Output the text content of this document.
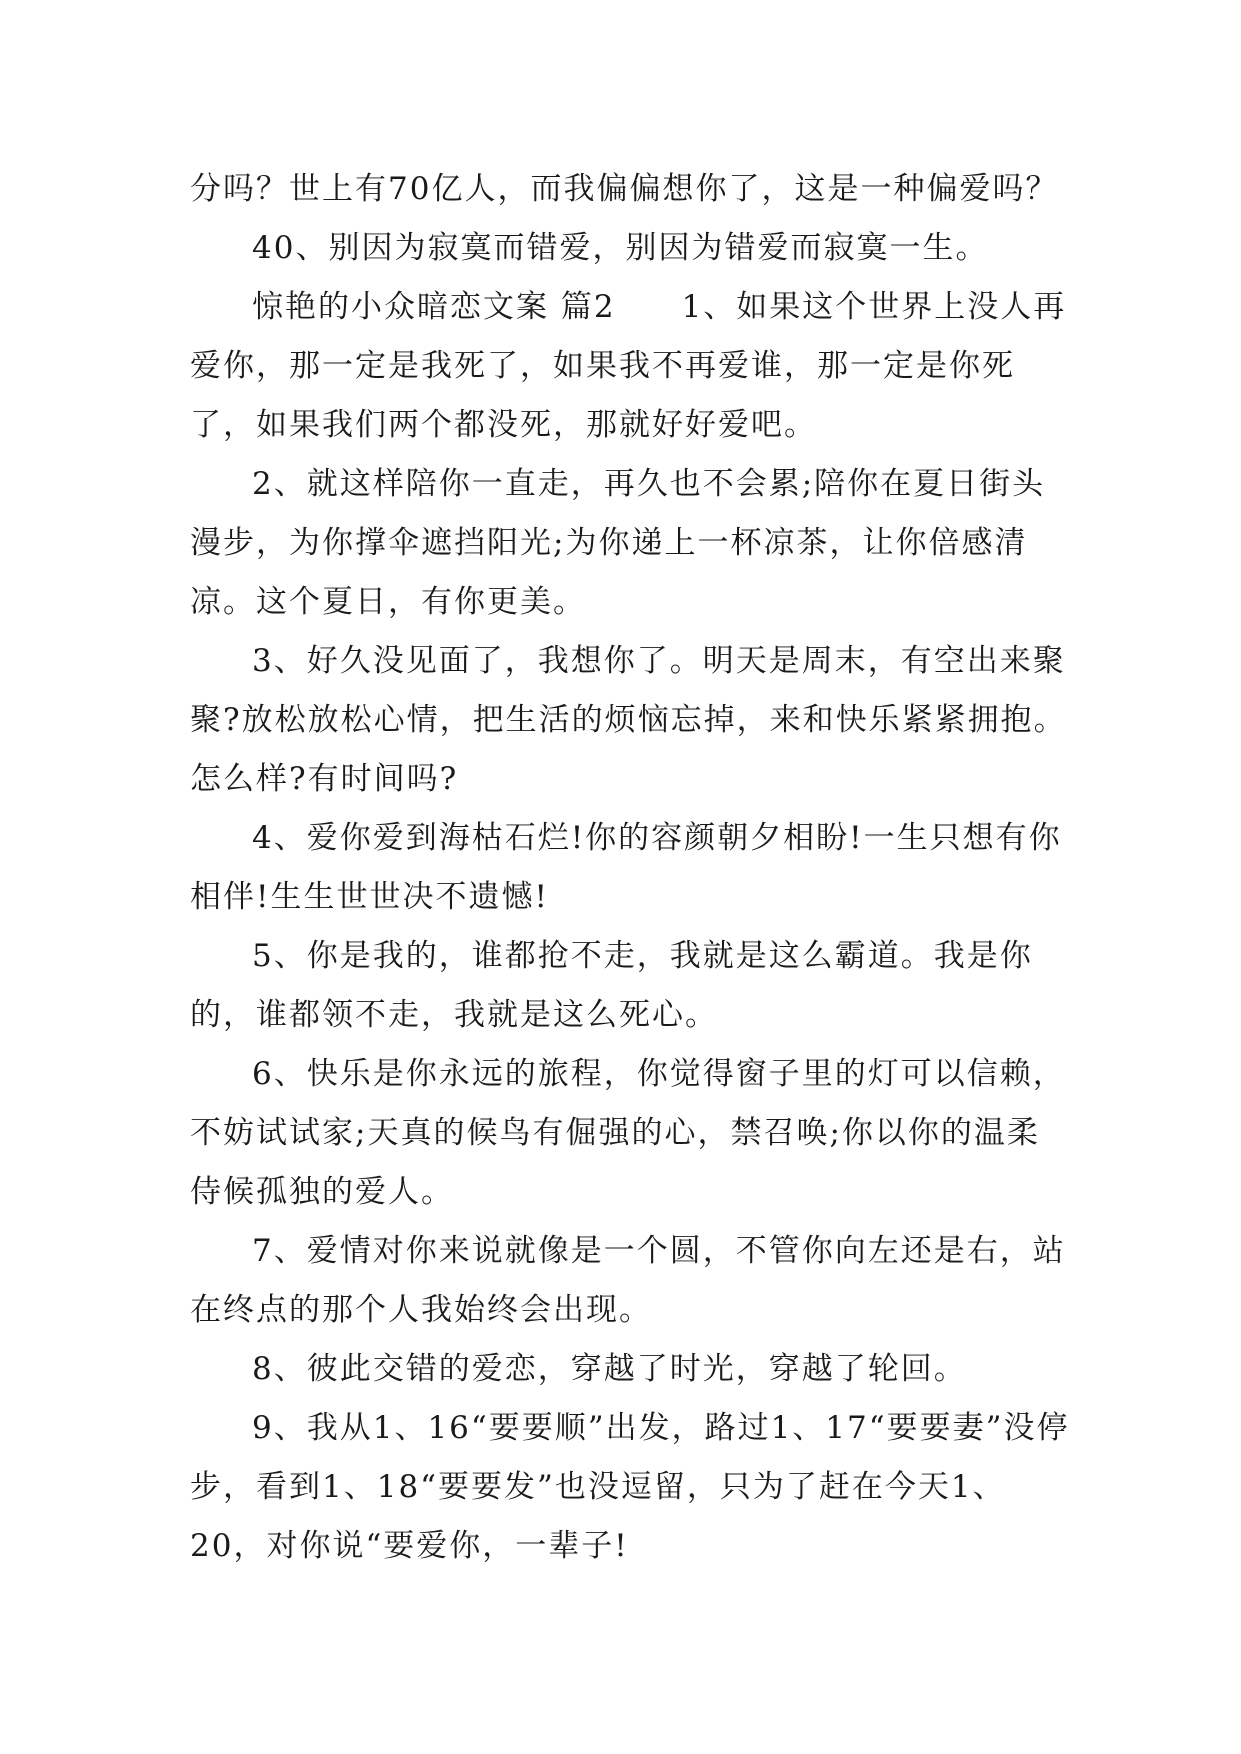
分吗？世上有70亿人，而我偏偏想你了，这是一种偏爱吗？

40、别因为寂寞而错爱，别因为错爱而寂寞一生。

惊艳的小众暗恋文案 篇2　　1、如果这个世界上没人再爱你，那一定是我死了，如果我不再爱谁，那一定是你死了，如果我们两个都没死，那就好好爱吧。

2、就这样陪你一直走，再久也不会累;陪你在夏日街头漫步，为你撑伞遮挡阳光;为你递上一杯凉茶，让你倍感清凉。这个夏日，有你更美。

3、好久没见面了，我想你了。明天是周末，有空出来聚聚?放松放松心情，把生活的烦恼忘掉，来和快乐紧紧拥抱。怎么样?有时间吗?

4、爱你爱到海枯石烂!你的容颜朝夕相盼!一生只想有你相伴!生生世世决不遗憾!

5、你是我的，谁都抢不走，我就是这么霸道。我是你的，谁都领不走，我就是这么死心。

6、快乐是你永远的旅程，你觉得窗子里的灯可以信赖，不妨试试家;天真的候鸟有倔强的心，禁召唤;你以你的温柔侍候孤独的爱人。

7、爱情对你来说就像是一个圆，不管你向左还是右，站在终点的那个人我始终会出现。

8、彼此交错的爱恋，穿越了时光，穿越了轮回。

9、我从1、16“要要顺”出发，路过1、17“要要妻”没停步，看到1、18“要要发”也没逗留，只为了赶在今天1、20，对你说“要爱你，一辈子!
